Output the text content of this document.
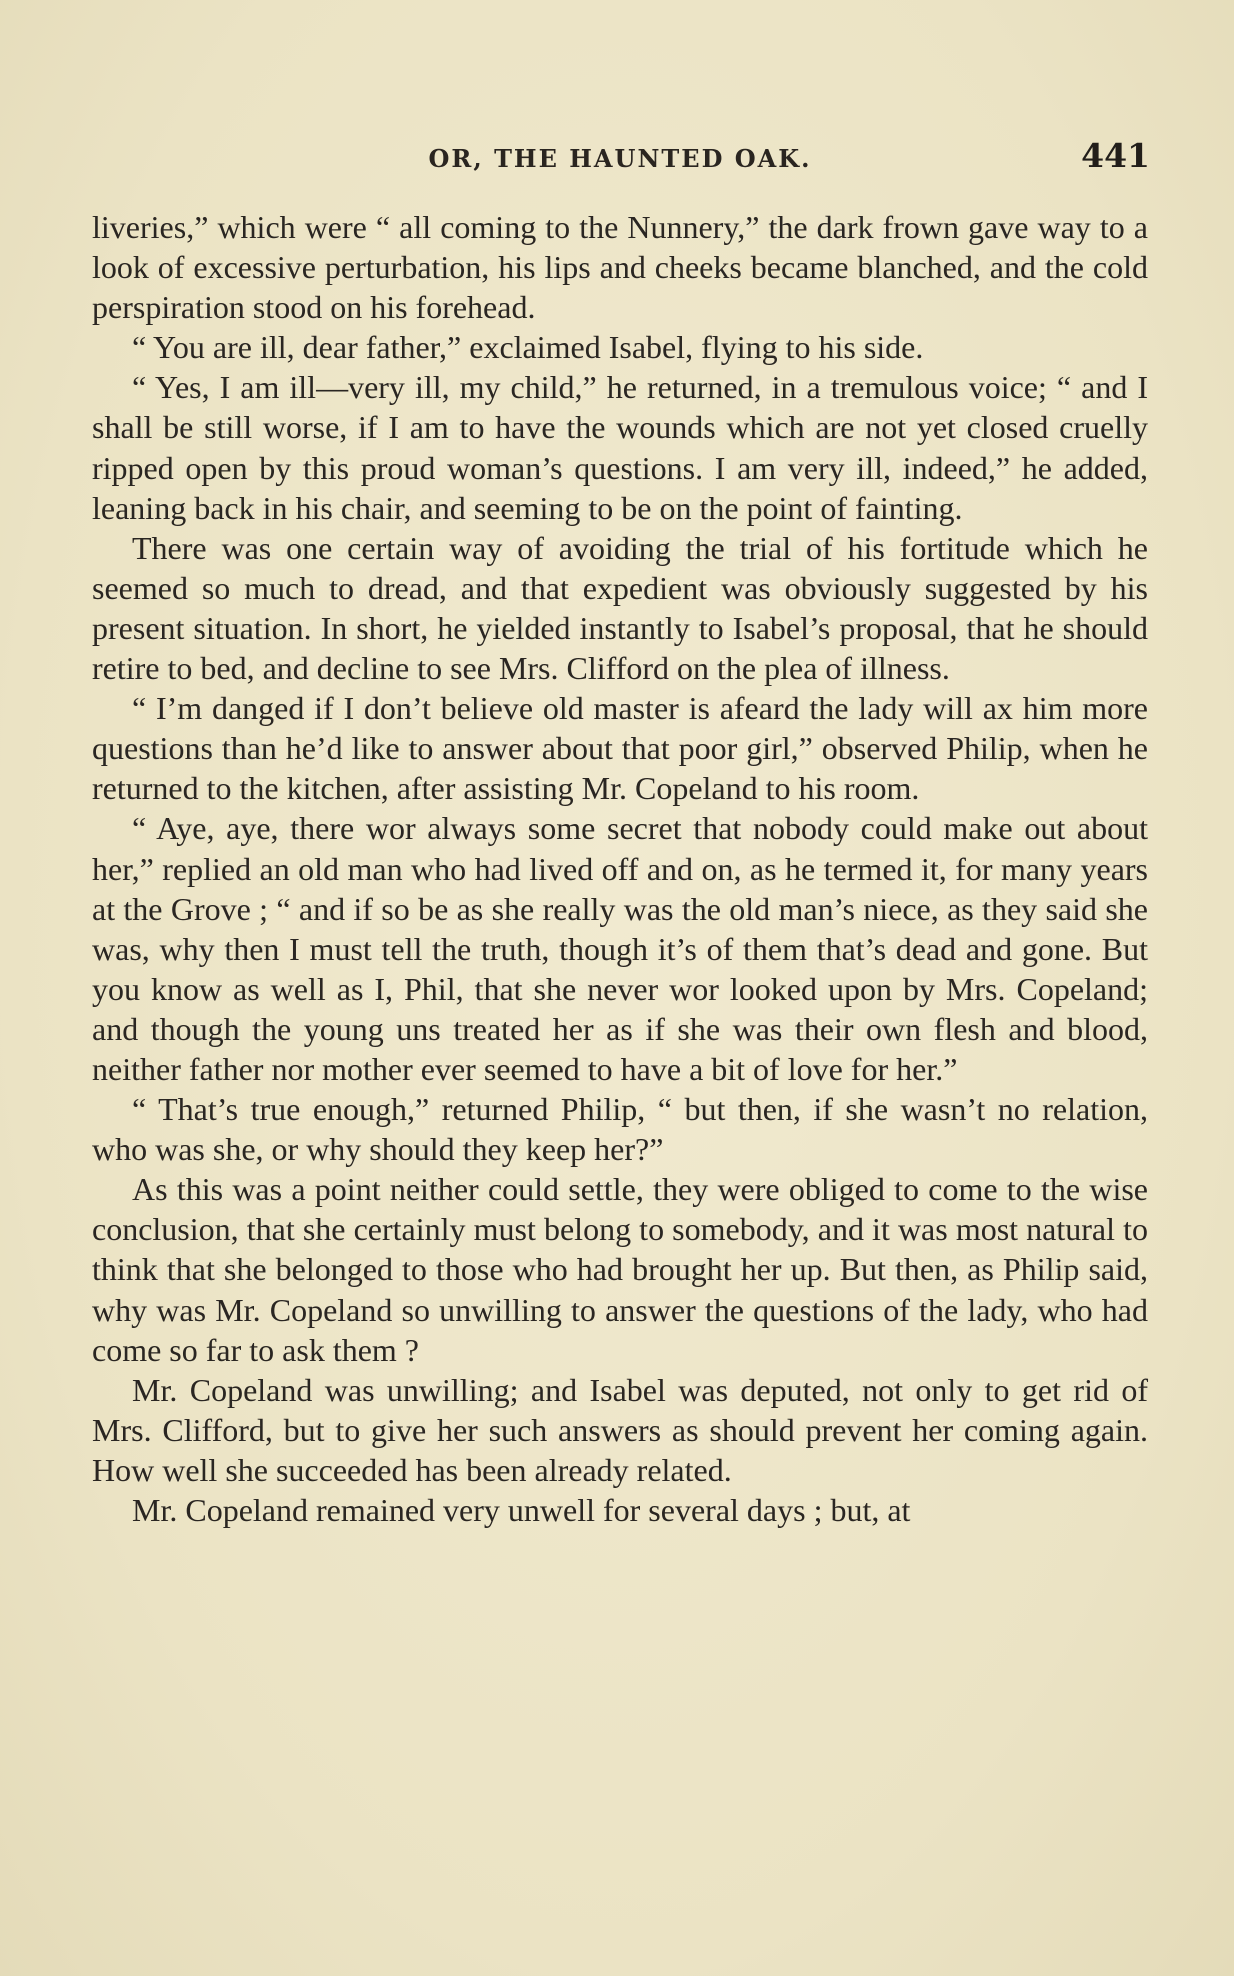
OR, THE HAUNTED OAK.	441

liveries,” which were “ all coming to the Nunnery,” the dark frown gave way to a look of excessive perturbation, his lips and cheeks became blanched, and the cold perspiration stood on his forehead.

“ You are ill, dear father,” exclaimed Isabel, flying to his side.

“ Yes, I am ill—very ill, my child,” he returned, in a tremulous voice; “ and I shall be still worse, if I am to have the wounds which are not yet closed cruelly ripped open by this proud woman’s questions. I am very ill, indeed,” he added, leaning back in his chair, and seeming to be on the point of fainting.

There was one certain way of avoiding the trial of his fortitude which he seemed so much to dread, and that expedient was obviously suggested by his present situation. In short, he yielded instantly to Isabel’s proposal, that he should retire to bed, and decline to see Mrs. Clifford on the plea of illness.

“ I’m danged if I don’t believe old master is afeard the lady will ax him more questions than he’d like to answer about that poor girl,” observed Philip, when he returned to the kitchen, after assisting Mr. Copeland to his room.

“ Aye, aye, there wor always some secret that nobody could make out about her,” replied an old man who had lived off and on, as he termed it, for many years at the Grove ; “ and if so be as she really was the old man’s niece, as they said she was, why then I must tell the truth, though it’s of them that’s dead and gone. But you know as well as I, Phil, that she never wor looked upon by Mrs. Copeland; and though the young uns treated her as if she was their own flesh and blood, neither father nor mother ever seemed to have a bit of love for her.”

“ That’s true enough,” returned Philip, “ but then, if she wasn’t no relation, who was she, or why should they keep her?”

As this was a point neither could settle, they were obliged to come to the wise conclusion, that she certainly must belong to somebody, and it was most natural to think that she belonged to those who had brought her up. But then, as Philip said, why was Mr. Copeland so unwilling to answer the questions of the lady, who had come so far to ask them ?

Mr. Copeland was unwilling; and Isabel was deputed, not only to get rid of Mrs. Clifford, but to give her such answers as should prevent her coming again. How well she succeeded has been already related.

Mr. Copeland remained very unwell for several days ; but, at
